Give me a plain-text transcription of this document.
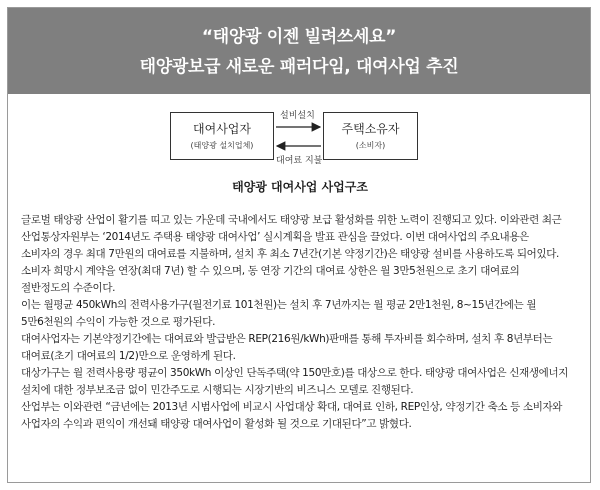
“태양광 이젠 빌려쓰세요”
태양광보급 새로운 패러다임, 대여사업 추진
대여사업자
(태양광 설치업체)
주택소유자
(소비자)
설비설치
대여료 지불
태양광 대여사업 사업구조

글로벌 태양광 산업이 활기를 띠고 있는 가운데 국내에서도 태양광 보급 활성화를 위한 노력이 진행되고 있다. 이와관련 최근 산업통상자원부는 ‘2014년도 주택용 태양광 대여사업’ 실시계획을 발표 관심을 끌었다. 이번 대여사업의 주요내용은 소비자의 경우 최대 7만원의 대여료를 지불하며, 설치 후 최소 7년간(기본 약정기간)은 태양광 설비를 사용하도록 되어있다. 소비자 희망시 계약을 연장(최대 7년) 할 수 있으며, 동 연장 기간의 대여료 상한은 월 3만5천원으로 초기 대여료의 절반정도의 수준이다.

이는 월평균 450kWh의 전력사용가구(월전기료 101천원)는 설치 후 7년까지는 월 평균 2만1천원, 8~15년간에는 월 5만6천원의 수익이 가능한 것으로 평가된다.

대여사업자는 기본약정기간에는 대여료와 발급받은 REP(216원/kWh)판매를 통해 투자비를 회수하며, 설치 후 8년부터는 대여료(초기 대여료의 1/2)만으로 운영하게 된다.

대상가구는 월 전력사용량 평균이 350kWh 이상인 단독주택(약 150만호)를 대상으로 한다. 태양광 대여사업은 신재생에너지 설치에 대한 정부보조금 없이 민간주도로 시행되는 시장기반의 비즈니스 모델로 진행된다.

산업부는 이와관련 “금년에는 2013년 시범사업에 비교시 사업대상 확대, 대여료 인하, REP인상, 약정기간 축소 등 소비자와 사업자의 수익과 편익이 개선돼 태양광 대여사업이 활성화 될 것으로 기대된다”고 밝혔다.
